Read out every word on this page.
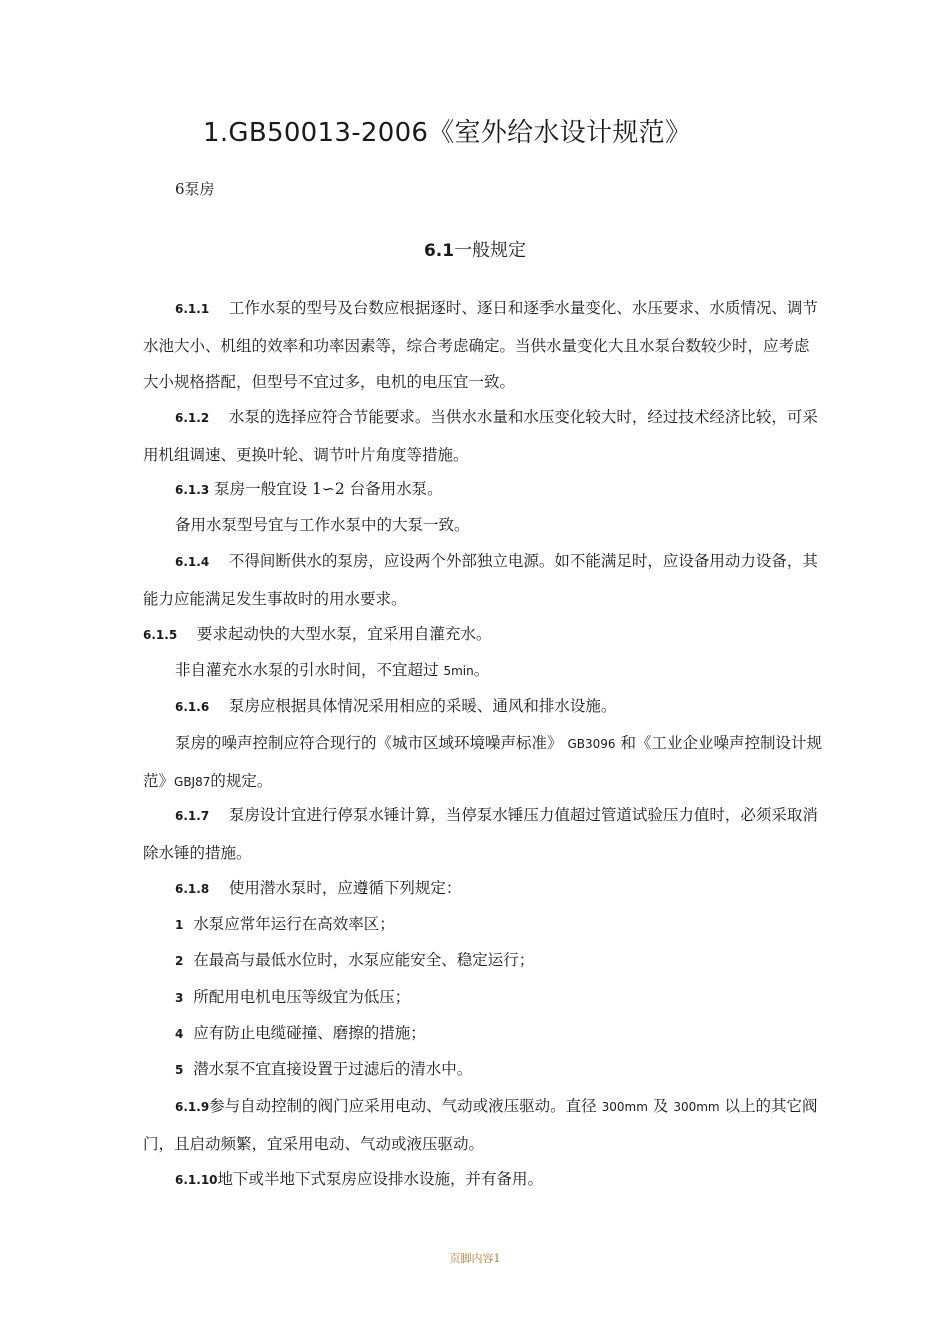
1.GB50013-2006《室外给水设计规范》
6泵房
6.1一般规定
6.1.1 工作水泵的型号及台数应根据逐时、逐日和逐季水量变化、水压要求、水质情况、调节水池大小、机组的效率和功率因素等，综合考虑确定。当供水量变化大且水泵台数较少时，应考虑大小规格搭配，但型号不宜过多，电机的电压宜一致。
6.1.2 水泵的选择应符合节能要求。当供水水量和水压变化较大时，经过技术经济比较，可采用机组调速、更换叶轮、调节叶片角度等措施。
6.1.3 泵房一般宜设 1∽2 台备用水泵。
备用水泵型号宜与工作水泵中的大泵一致。
6.1.4 不得间断供水的泵房，应设两个外部独立电源。如不能满足时，应设备用动力设备，其能力应能满足发生事故时的用水要求。
6.1.5 要求起动快的大型水泵，宜采用自灌充水。
非自灌充水水泵的引水时间，不宜超过 5min。
6.1.6 泵房应根据具体情况采用相应的采暖、通风和排水设施。
泵房的噪声控制应符合现行的《城市区域环境噪声标准》 GB3096 和《工业企业噪声控制设计规范》GBJ87的规定。
6.1.7 泵房设计宜进行停泵水锤计算，当停泵水锤压力值超过管道试验压力值时，必须采取消除水锤的措施。
6.1.8 使用潜水泵时，应遵循下列规定：
1 水泵应常年运行在高效率区；
2 在最高与最低水位时，水泵应能安全、稳定运行；
3 所配用电机电压等级宜为低压；
4 应有防止电缆碰撞、磨擦的措施；
5 潜水泵不宜直接设置于过滤后的清水中。
6.1.9参与自动控制的阀门应采用电动、气动或液压驱动。直径 300mm 及 300mm 以上的其它阀门，且启动频繁，宜采用电动、气动或液压驱动。
6.1.10地下或半地下式泵房应设排水设施，并有备用。
页脚内容1
